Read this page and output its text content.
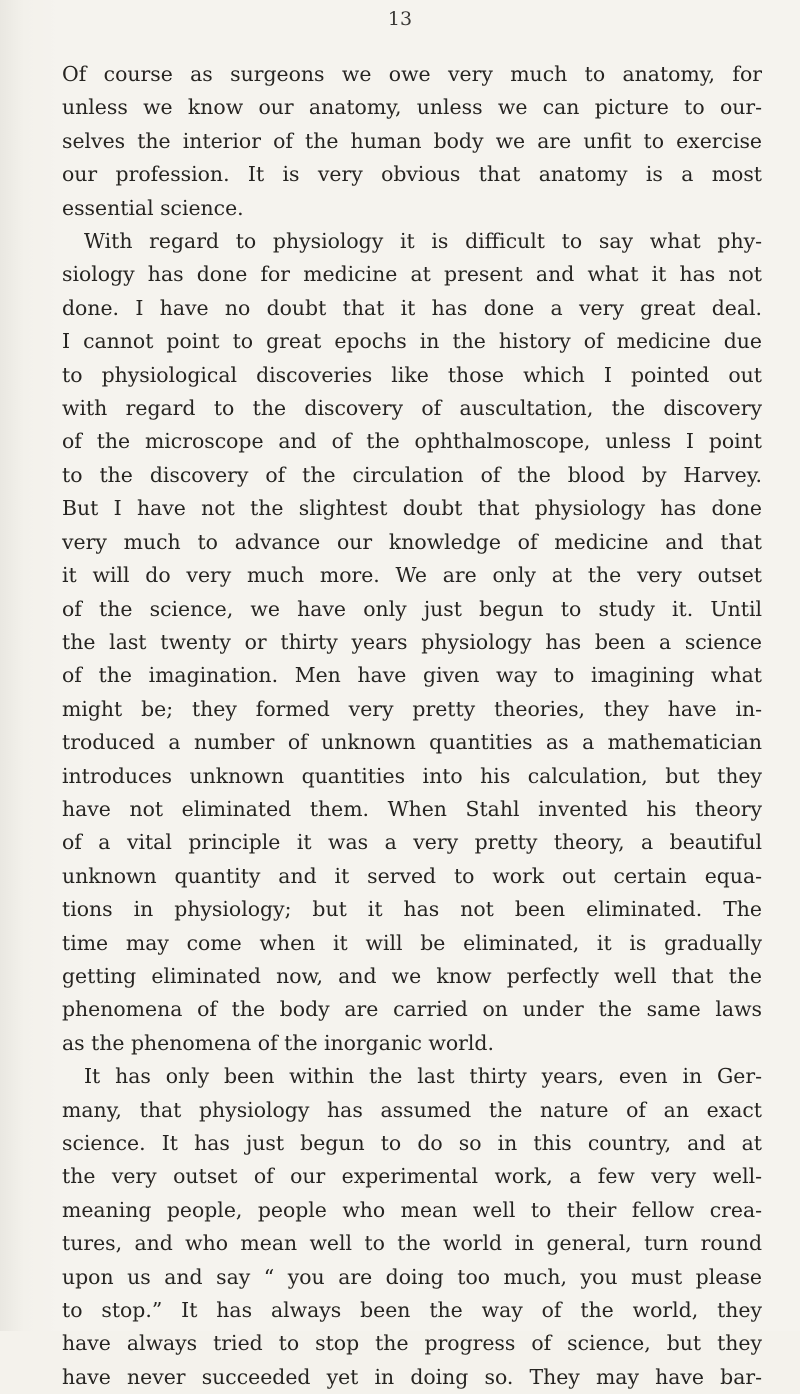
13

Of course as surgeons we owe very much to anatomy, for
unless we know our anatomy, unless we can picture to our-
selves the interior of the human body we are unfit to exercise
our profession. It is very obvious that anatomy is a most
essential science.

With regard to physiology it is difficult to say what phy-
siology has done for medicine at present and what it has not
done. I have no doubt that it has done a very great deal.
I cannot point to great epochs in the history of medicine due
to physiological discoveries like those which I pointed out
with regard to the discovery of auscultation, the discovery
of the microscope and of the ophthalmoscope, unless I point
to the discovery of the circulation of the blood by Harvey.
But I have not the slightest doubt that physiology has done
very much to advance our knowledge of medicine and that
it will do very much more. We are only at the very outset
of the science, we have only just begun to study it. Until
the last twenty or thirty years physiology has been a science
of the imagination. Men have given way to imagining what
might be; they formed very pretty theories, they have in-
troduced a number of unknown quantities as a mathematician
introduces unknown quantities into his calculation, but they
have not eliminated them. When Stahl invented his theory
of a vital principle it was a very pretty theory, a beautiful
unknown quantity and it served to work out certain equa-
tions in physiology; but it has not been eliminated. The
time may come when it will be eliminated, it is gradually
getting eliminated now, and we know perfectly well that the
phenomena of the body are carried on under the same laws
as the phenomena of the inorganic world.

It has only been within the last thirty years, even in Ger-
many, that physiology has assumed the nature of an exact
science. It has just begun to do so in this country, and at
the very outset of our experimental work, a few very well-
meaning people, people who mean well to their fellow crea-
tures, and who mean well to the world in general, turn round
upon us and say “ you are doing too much, you must please
to stop.” It has always been the way of the world, they
have always tried to stop the progress of science, but they
have never succeeded yet in doing so. They may have bar-
